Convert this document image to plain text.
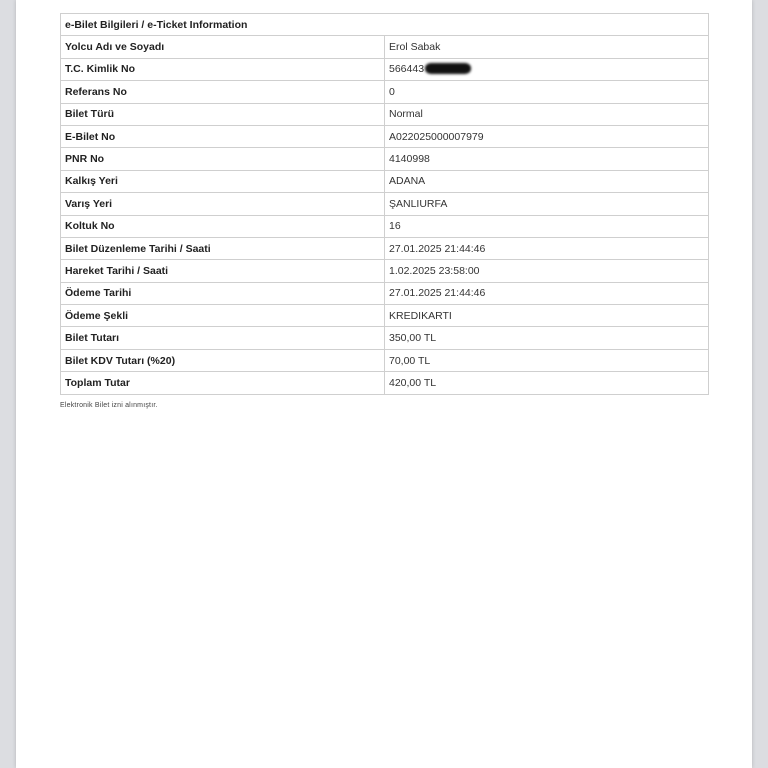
e-Bilet Bilgileri / e-Ticket Information	
Yolcu Adı ve Soyadı	Erol Sabak
T.C. Kimlik No	566443
Referans No	0
Bilet Türü	Normal
E-Bilet No	A022025000007979
PNR No	4140998
Kalkış Yeri	ADANA
Varış Yeri	ŞANLIURFA
Koltuk No	16
Bilet Düzenleme Tarihi / Saati	27.01.2025 21:44:46
Hareket Tarihi / Saati	1.02.2025 23:58:00
Ödeme Tarihi	27.01.2025 21:44:46
Ödeme Şekli	KREDIKARTI
Bilet Tutarı	350,00 TL
Bilet KDV Tutarı (%20)	70,00 TL
Toplam Tutar	420,00 TL
Elektronik Bilet izni alınmıştır.
